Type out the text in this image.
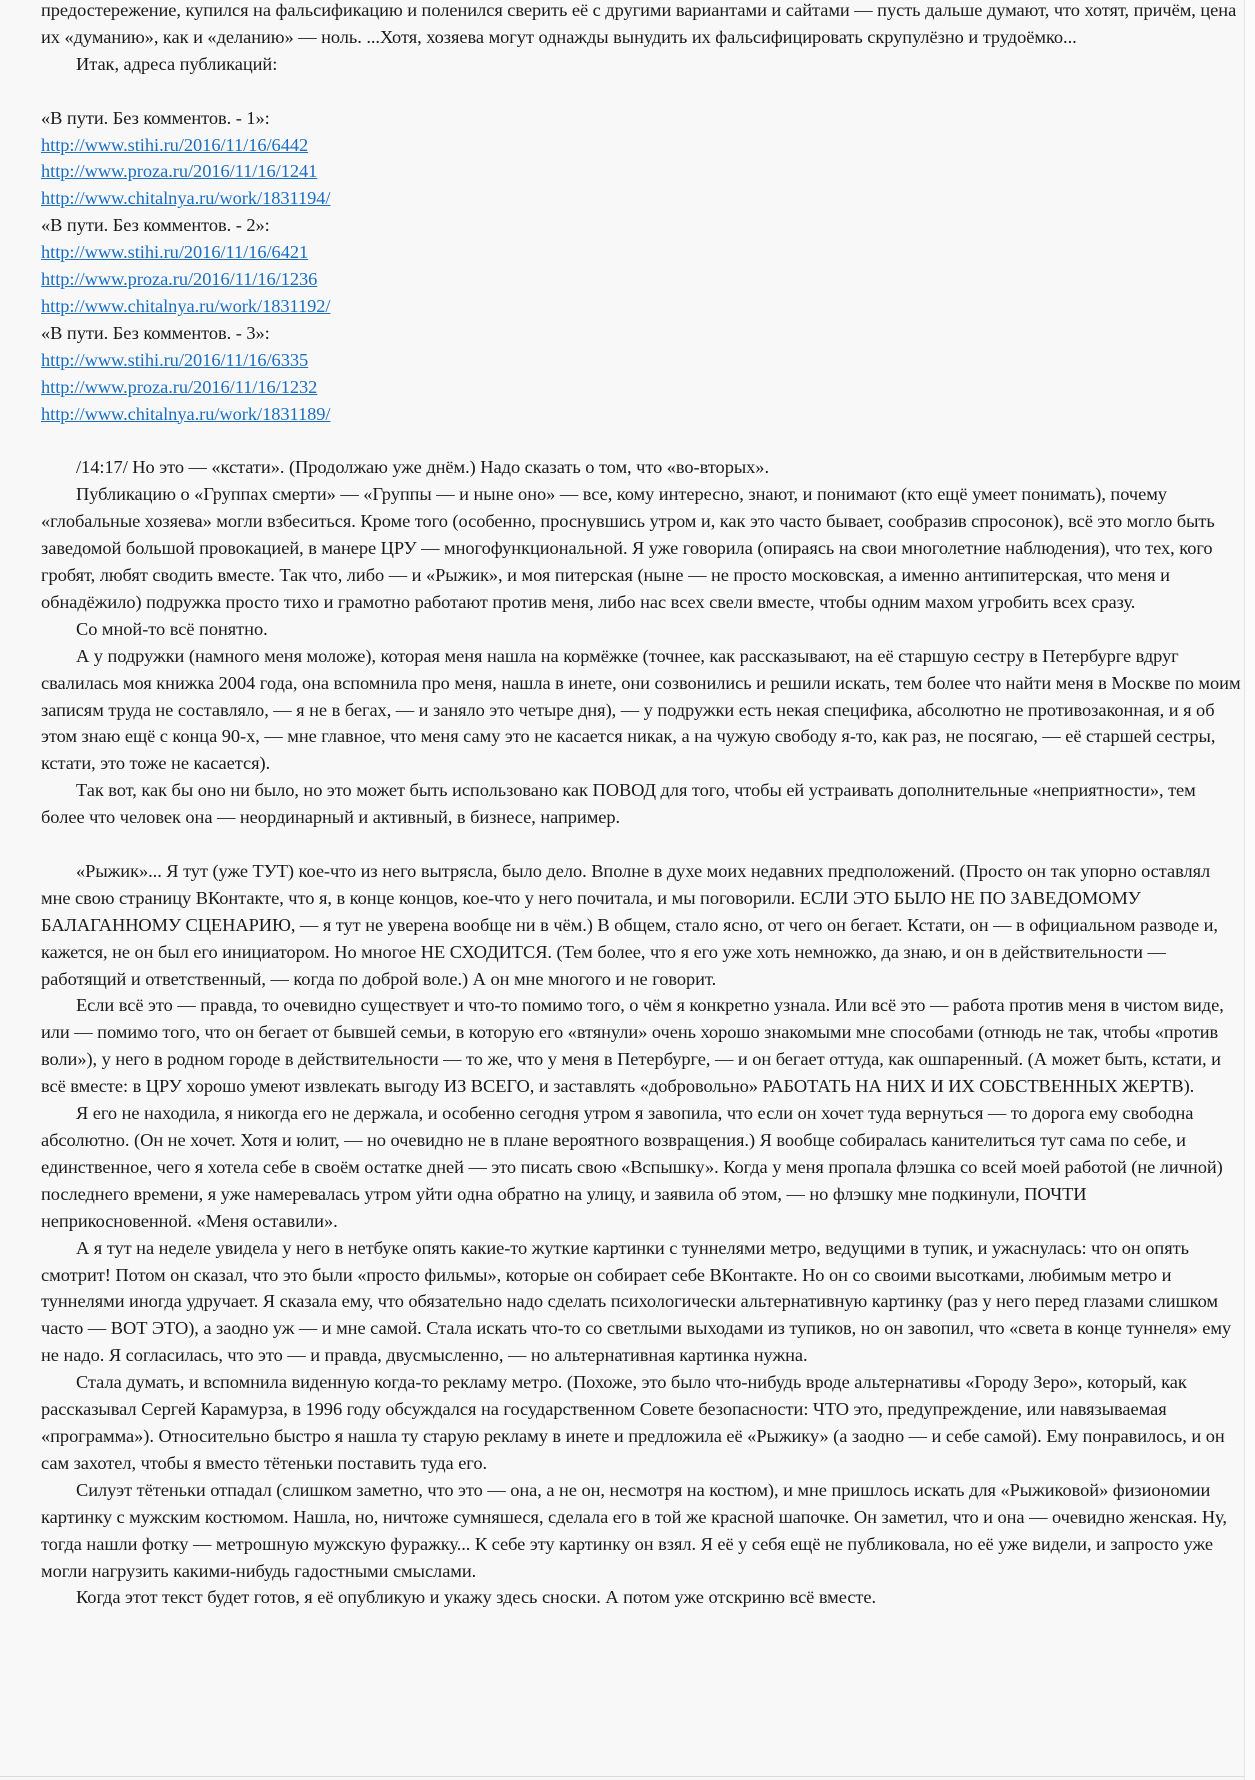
предостережение, купился на фальсификацию и поленился сверить её с другими вариантами и сайтами — пусть дальше думают, что хотят, причём, цена их «думанию», как и «деланию» — ноль. ...Хотя, хозяева могут однажды вынудить их фальсифицировать скрупулёзно и трудоёмко...

Итак, адреса публикаций:

«В пути. Без комментов. - 1»:
http://www.stihi.ru/2016/11/16/6442
http://www.proza.ru/2016/11/16/1241
http://www.chitalnya.ru/work/1831194/
«В пути. Без комментов. - 2»:
http://www.stihi.ru/2016/11/16/6421
http://www.proza.ru/2016/11/16/1236
http://www.chitalnya.ru/work/1831192/
«В пути. Без комментов. - 3»:
http://www.stihi.ru/2016/11/16/6335
http://www.proza.ru/2016/11/16/1232
http://www.chitalnya.ru/work/1831189/

/14:17/ Но это — «кстати». (Продолжаю уже днём.) Надо сказать о том, что «во-вторых».

Публикацию о «Группах смерти» — «Группы — и ныне оно» — все, кому интересно, знают, и понимают (кто ещё умеет понимать), почему «глобальные хозяева» могли взбеситься. Кроме того (особенно, проснувшись утром и, как это часто бывает, сообразив спросонок), всё это могло быть заведомой большой провокацией, в манере ЦРУ — многофункциональной. Я уже говорила (опираясь на свои многолетние наблюдения), что тех, кого гробят, любят сводить вместе. Так что, либо — и «Рыжик», и моя питерская (ныне — не просто московская, а именно антипитерская, что меня и обнадёжило) подружка просто тихо и грамотно работают против меня, либо нас всех свели вместе, чтобы одним махом угробить всех сразу.

Со мной-то всё понятно.

А у подружки (намного меня моложе), которая меня нашла на кормёжке (точнее, как рассказывают, на её старшую сестру в Петербурге вдруг свалилась моя книжка 2004 года, она вспомнила про меня, нашла в инете, они созвонились и решили искать, тем более что найти меня в Москве по моим записям труда не составляло, — я не в бегах, — и заняло это четыре дня), — у подружки есть некая специфика, абсолютно не противозаконная, и я об этом знаю ещё с конца 90-х, — мне главное, что меня саму это не касается никак, а на чужую свободу я-то, как раз, не посягаю, — её старшей сестры, кстати, это тоже не касается).

Так вот, как бы оно ни было, но это может быть использовано как ПОВОД для того, чтобы ей устраивать дополнительные «неприятности», тем более что человек она — неординарный и активный, в бизнесе, например.

«Рыжик»... Я тут (уже ТУТ) кое-что из него вытрясла, было дело. Вполне в духе моих недавних предположений. (Просто он так упорно оставлял мне свою страницу ВКонтакте, что я, в конце концов, кое-что у него почитала, и мы поговорили. ЕСЛИ ЭТО БЫЛО НЕ ПО ЗАВЕДОМОМУ БАЛАГАННОМУ СЦЕНАРИЮ, — я тут не уверена вообще ни в чём.) В общем, стало ясно, от чего он бегает. Кстати, он — в официальном разводе и, кажется, не он был его инициатором. Но многое НЕ СХОДИТСЯ. (Тем более, что я его уже хоть немножко, да знаю, и он в действительности — работящий и ответственный, — когда по доброй воле.) А он мне многого и не говорит.

Если всё это — правда, то очевидно существует и что-то помимо того, о чём я конкретно узнала. Или всё это — работа против меня в чистом виде, или — помимо того, что он бегает от бывшей семьи, в которую его «втянули» очень хорошо знакомыми мне способами (отнюдь не так, чтобы «против воли»), у него в родном городе в действительности — то же, что у меня в Петербурге, — и он бегает оттуда, как ошпаренный. (А может быть, кстати, и всё вместе: в ЦРУ хорошо умеют извлекать выгоду ИЗ ВСЕГО, и заставлять «добровольно» РАБОТАТЬ НА НИХ И ИХ СОБСТВЕННЫХ ЖЕРТВ).

Я его не находила, я никогда его не держала, и особенно сегодня утром я завопила, что если он хочет туда вернуться — то дорога ему свободна абсолютно. (Он не хочет. Хотя и юлит, — но очевидно не в плане вероятного возвращения.) Я вообще собиралась канителиться тут сама по себе, и единственное, чего я хотела себе в своём остатке дней — это писать свою «Вспышку». Когда у меня пропала флэшка со всей моей работой (не личной) последнего времени, я уже намеревалась утром уйти одна обратно на улицу, и заявила об этом, — но флэшку мне подкинули, ПОЧТИ неприкосновенной. «Меня оставили».

А я тут на неделе увидела у него в нетбуке опять какие-то жуткие картинки с туннелями метро, ведущими в тупик, и ужаснулась: что он опять смотрит! Потом он сказал, что это были «просто фильмы», которые он собирает себе ВКонтакте. Но он со своими высотками, любимым метро и туннелями иногда удручает. Я сказала ему, что обязательно надо сделать психологически альтернативную картинку (раз у него перед глазами слишком часто — ВОТ ЭТО), а заодно уж — и мне самой. Стала искать что-то со светлыми выходами из тупиков, но он завопил, что «света в конце туннеля» ему не надо. Я согласилась, что это — и правда, двусмысленно, — но альтернативная картинка нужна.

Стала думать, и вспомнила виденную когда-то рекламу метро. (Похоже, это было что-нибудь вроде альтернативы «Городу Зеро», который, как рассказывал Сергей Карамурза, в 1996 году обсуждался на государственном Совете безопасности: ЧТО это, предупреждение, или навязываемая «программа»). Относительно быстро я нашла ту старую рекламу в инете и предложила её «Рыжику» (а заодно — и себе самой). Ему понравилось, и он сам захотел, чтобы я вместо тётеньки поставить туда его.

Силуэт тётеньки отпадал (слишком заметно, что это — она, а не он, несмотря на костюм), и мне пришлось искать для «Рыжиковой» физиономии картинку с мужским костюмом. Нашла, но, ничтоже сумняшеся, сделала его в той же красной шапочке. Он заметил, что и она — очевидно женская. Ну, тогда нашли фотку — метрошную мужскую фуражку... К себе эту картинку он взял. Я её у себя ещё не публиковала, но её уже видели, и запросто уже могли нагрузить какими-нибудь гадостными смыслами.

Когда этот текст будет готов, я её опубликую и укажу здесь сноски. А потом уже отскриню всё вместе.
